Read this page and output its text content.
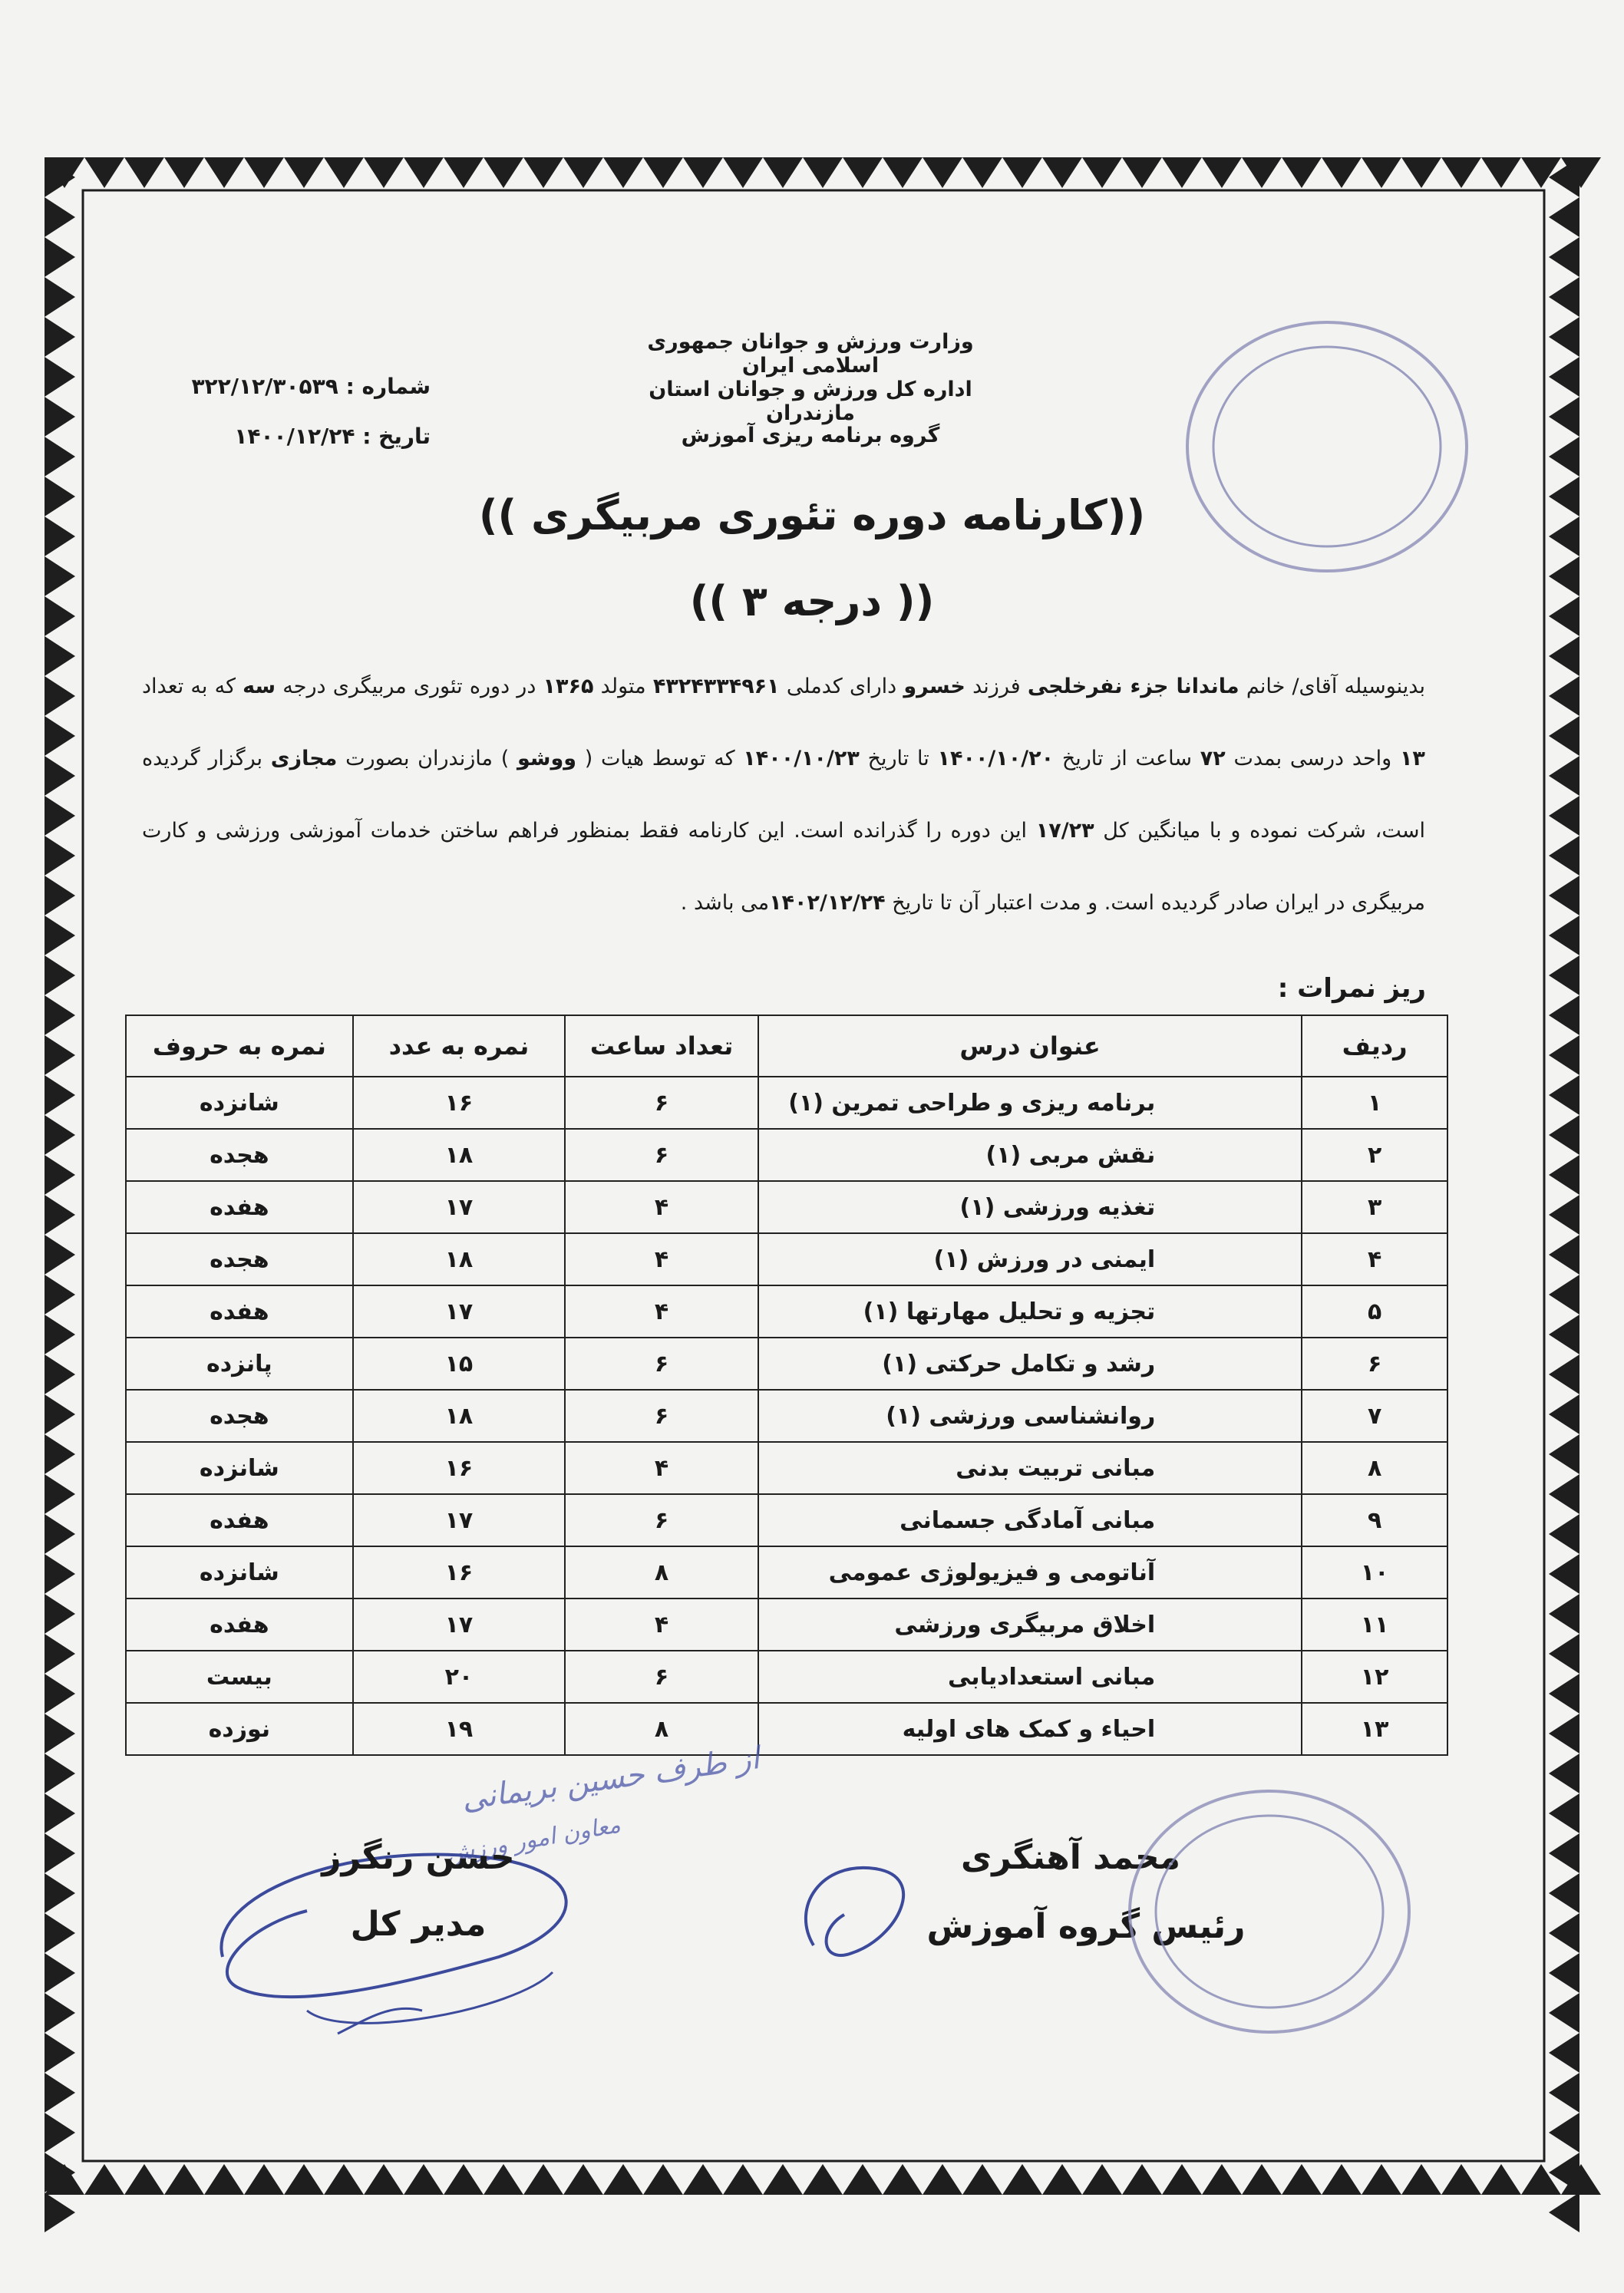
وزارت ورزش و جوانان جمهوری اسلامی ایران
اداره کل ورزش و جوانان استان مازندران
گروه برنامه ریزی آموزش
شماره : ۳۲۲/۱۲/۳۰۵۳۹
تاریخ : ۱۴۰۰/۱۲/۲۴
((کارنامه دوره تئوری مربیگری ))
(( درجه ۳ ))
بدینوسیله آقای/ خانم ماندانا جزء نفرخلجی فرزند خسرو دارای کدملی ۴۳۲۴۳۳۴۹۶۱ متولد ۱۳۶۵ در دوره تئوری مربیگری درجه سه که به تعداد ۱۳ واحد درسی بمدت ۷۲ ساعت از تاریخ ۱۴۰۰/۱۰/۲۰ تا تاریخ ۱۴۰۰/۱۰/۲۳ که توسط هیات ( ووشو ) مازندران بصورت مجازی برگزار گردیده است، شرکت نموده و با میانگین کل ۱۷/۲۳ این دوره را گذرانده است. این کارنامه فقط بمنظور فراهم ساختن خدمات آموزشی ورزشی و کارت مربیگری در ایران صادر گردیده است. و مدت اعتبار آن تا تاریخ ۱۴۰۲/۱۲/۲۴می باشد .
ریز نمرات :
ردیف	عنوان درس	تعداد ساعت	نمره به عدد	نمره به حروف
۱	برنامه ریزی و طراحی تمرین (۱)	۶	۱۶	شانزده
۲	نقش مربی (۱)	۶	۱۸	هجده
۳	تغذیه ورزشی (۱)	۴	۱۷	هفده
۴	ایمنی در ورزش (۱)	۴	۱۸	هجده
۵	تجزیه و تحلیل مهارتها (۱)	۴	۱۷	هفده
۶	رشد و تکامل حرکتی (۱)	۶	۱۵	پانزده
۷	روانشناسی ورزشی (۱)	۶	۱۸	هجده
۸	مبانی تربیت بدنی	۴	۱۶	شانزده
۹	مبانی آمادگی جسمانی	۶	۱۷	هفده
۱۰	آناتومی و فیزیولوژی عمومی	۸	۱۶	شانزده
۱۱	اخلاق مربیگری ورزشی	۴	۱۷	هفده
۱۲	مبانی استعدادیابی	۶	۲۰	بیست
۱۳	احیاء و کمک های اولیه	۸	۱۹	نوزده
از طرف حسین بریمانی
معاون امور ورزش
حسن رنگرز
مدیر کل
محمد آهنگری
رئیس گروه آموزش
